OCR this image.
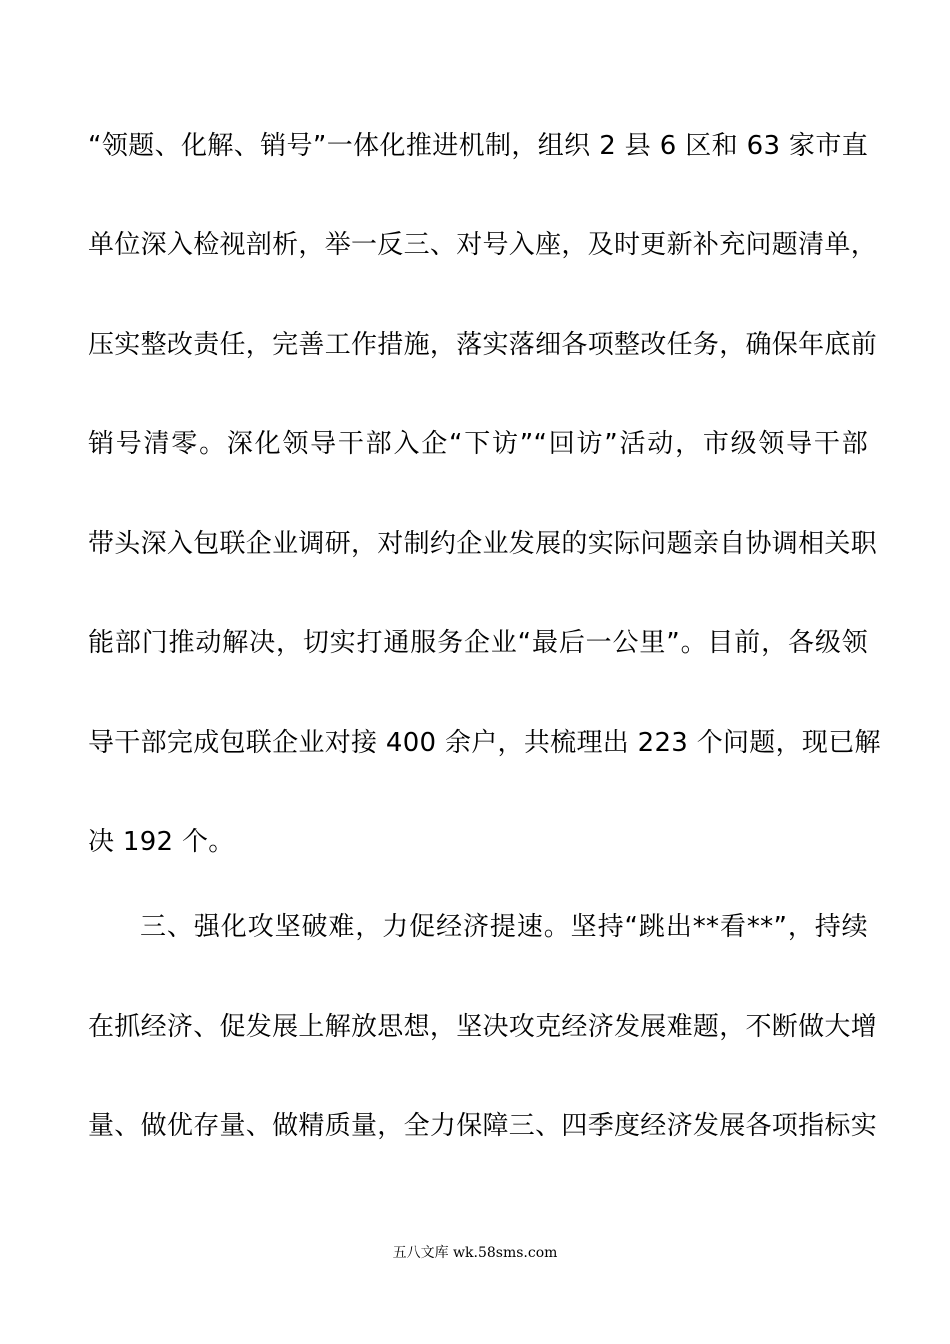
“领题、化解、销号”一体化推进机制，组织 2 县 6 区和 63 家市直
单位深入检视剖析，举一反三、对号入座，及时更新补充问题清单，
压实整改责任，完善工作措施，落实落细各项整改任务，确保年底前
销号清零。深化领导干部入企“下访”“回访”活动，市级领导干部
带头深入包联企业调研，对制约企业发展的实际问题亲自协调相关职
能部门推动解决，切实打通服务企业“最后一公里”。目前，各级领
导干部完成包联企业对接 400 余户，共梳理出 223 个问题，现已解
决 192 个。
三、强化攻坚破难，力促经济提速。坚持“跳出**看**”，持续
在抓经济、促发展上解放思想，坚决攻克经济发展难题，不断做大增
量、做优存量、做精质量，全力保障三、四季度经济发展各项指标实
五八文库 wk.58sms.com
